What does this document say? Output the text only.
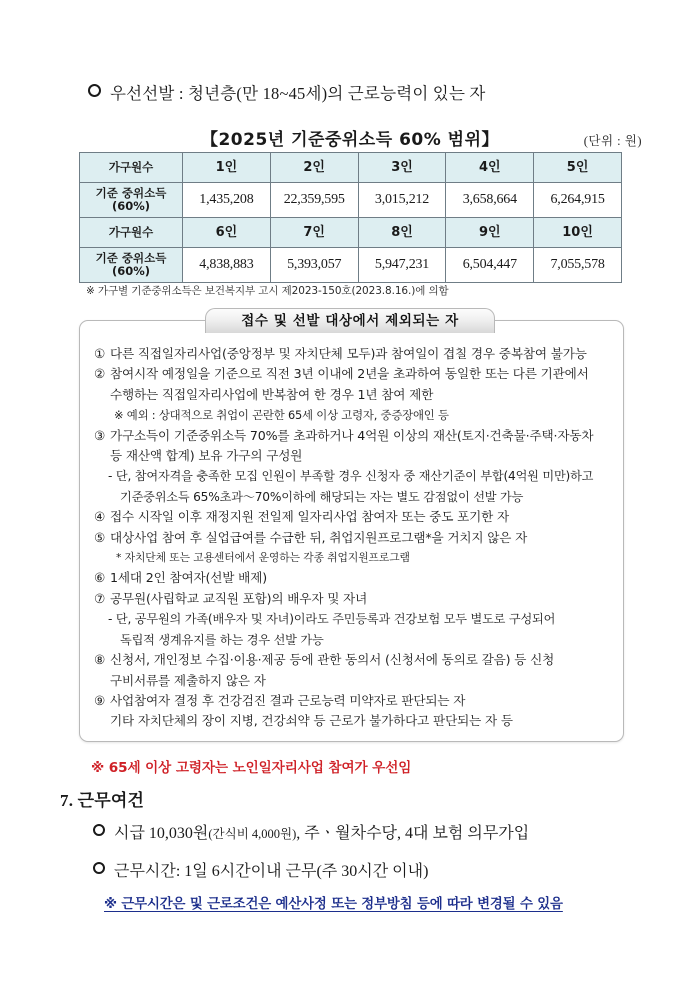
우선선발 : 청년층(만 18~45세)의 근로능력이 있는 자
【2025년 기준중위소득 60% 범위】	(단위 : 원)
가구원수	1인	2인	3인	4인	5인

기준 중위소득
(60%)	1,435,208	22,359,595	3,015,212	3,658,664	6,264,915
가구원수	6인	7인	8인	9인	10인

기준 중위소득
(60%)	4,838,883	5,393,057	5,947,231	6,504,447	7,055,578
※ 가구별 기준중위소득은 보건복지부 고시 제2023-150호(2023.8.16.)에 의함
접수 및 선발 대상에서 제외되는 자
① 다른 직접일자리사업(중앙정부 및 자치단체 모두)과 참여일이 겹칠 경우 중복참여 불가능
② 참여시작 예정일을 기준으로 직전 3년 이내에 2년을 초과하여 동일한 또는 다른 기관에서
수행하는 직접일자리사업에 반복참여 한 경우 1년 참여 제한
※ 예외 : 상대적으로 취업이 곤란한 65세 이상 고령자, 중증장애인 등
③ 가구소득이 기준중위소득 70%를 초과하거나 4억원 이상의 재산(토지·건축물·주택·자동차
등 재산액 합계) 보유 가구의 구성원
- 단, 참여자격을 충족한 모집 인원이 부족할 경우 신청자 중 재산기준이 부합(4억원 미만)하고
기준중위소득 65%초과～70%이하에 해당되는 자는 별도 감점없이 선발 가능
④ 접수 시작일 이후 재정지원 전일제 일자리사업 참여자 또는 중도 포기한 자
⑤ 대상사업 참여 후 실업급여를 수급한 뒤, 취업지원프로그램*을 거치지 않은 자
* 자치단체 또는 고용센터에서 운영하는 각종 취업지원프로그램
⑥ 1세대 2인 참여자(선발 배제)
⑦ 공무원(사립학교 교직원 포함)의 배우자 및 자녀
- 단, 공무원의 가족(배우자 및 자녀)이라도 주민등록과 건강보험 모두 별도로 구성되어
독립적 생계유지를 하는 경우 선발 가능
⑧ 신청서, 개인정보 수집·이용·제공 등에 관한 동의서 (신청서에 동의로 갈음) 등 신청
구비서류를 제출하지 않은 자
⑨ 사업참여자 결정 후 건강검진 결과 근로능력 미약자로 판단되는 자
기타 자치단체의 장이 지병, 건강쇠약 등 근로가 불가하다고 판단되는 자 등
※ 65세 이상 고령자는 노인일자리사업 참여가 우선임
7. 근무여건
시급 10,030원(간식비 4,000원), 주ㆍ월차수당, 4대 보험 의무가입
근무시간: 1일 6시간이내 근무(주 30시간 이내)
※ 근무시간은 및 근로조건은 예산사정 또는 정부방침 등에 따라 변경될 수 있음
